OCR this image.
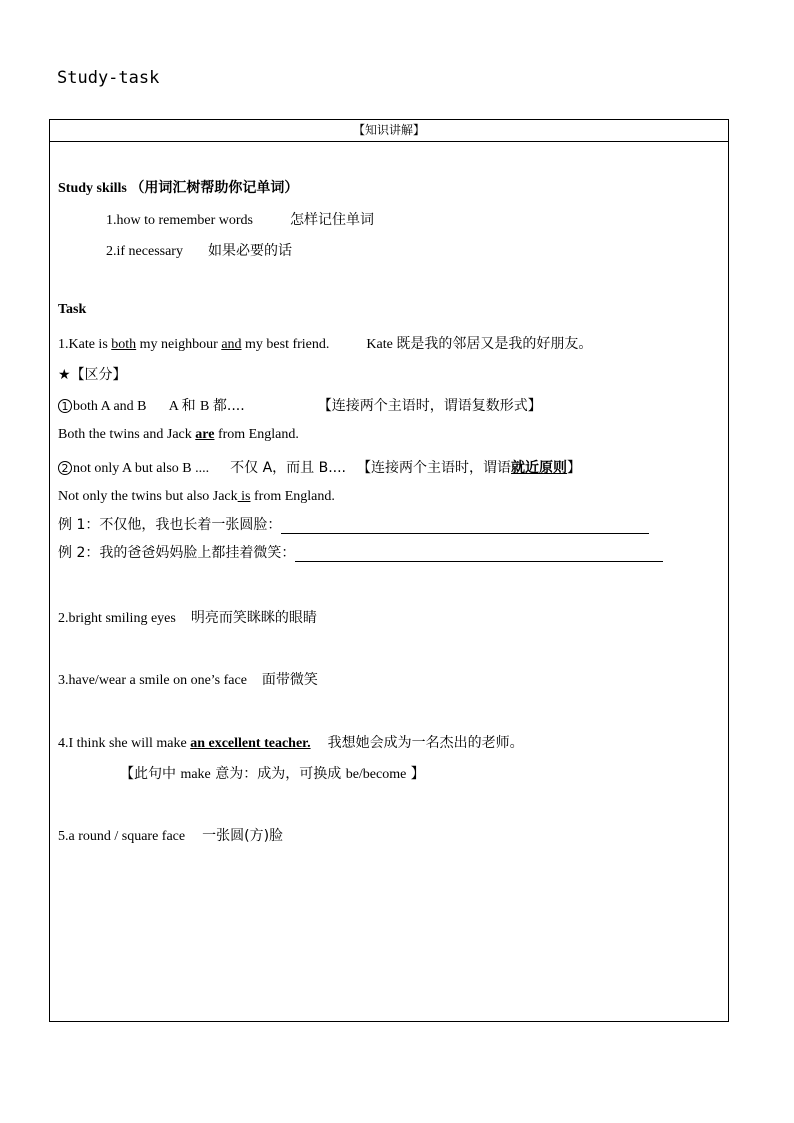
Study-task
【知识讲解】
Study skills （用词汇树帮助你记单词）
1.how to remember words	怎样记住单词
2.if necessary 如果必要的话
Task
1.Kate is both my neighbour and my best friend.	Kate 既是我的邻居又是我的好朋友。
★【区分】
1 both A and B A 和 B 都....	【连接两个主语时，谓语复数形式】
Both the twins and Jack are from England.
2 not only A but also B .... 不仅 A，而且 B.... 【连接两个主语时，谓语就近原则】
Not only the twins but also Jack is from England.
例 1：不仅他，我也长着一张圆脸：
例 2：我的爸爸妈妈脸上都挂着微笑：
2.bright smiling eyes 明亮而笑眯眯的眼睛
3.have/wear a smile on one’s face 面带微笑
4.I think she will make an excellent teacher. 我想她会成为一名杰出的老师。
【此句中 make 意为：成为，可换成 be/become 】
5.a round / square face 一张圆(方)脸
